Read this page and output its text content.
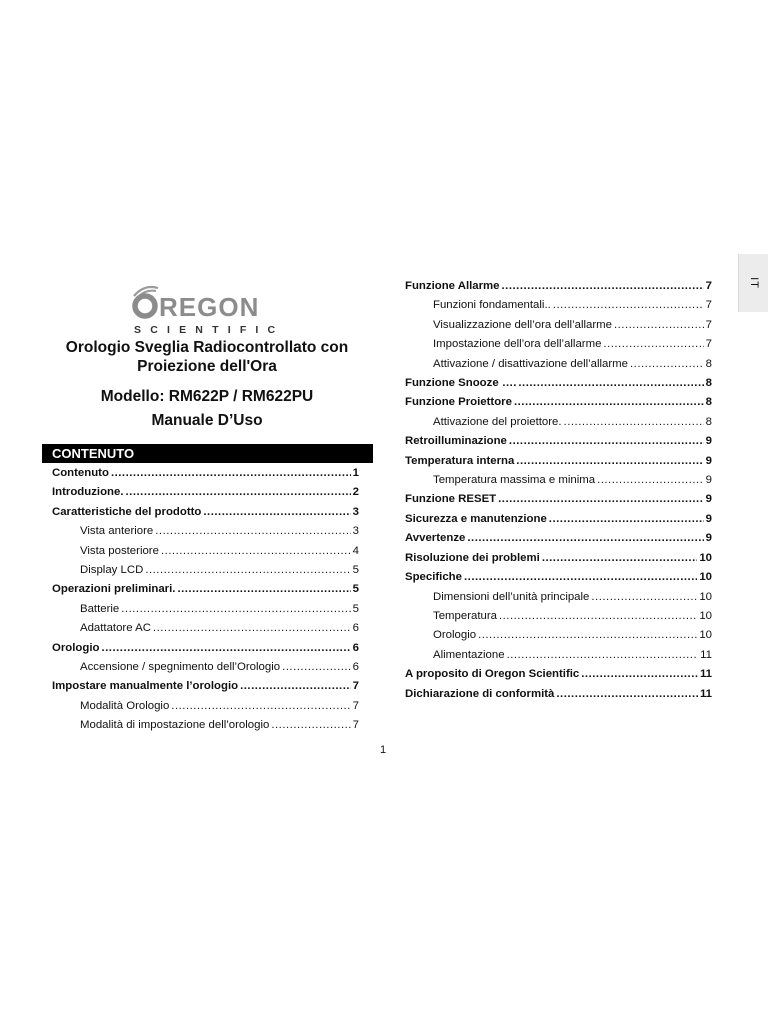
IT
REGON
SCIENTIFIC
Orologio Sveglia Radiocontrollato con
Proiezione dell'Ora
Modello: RM622P / RM622PU
Manuale D’Uso
CONTENUTO
Contenuto .....	1
Introduzione. .....	2
Caratteristiche del prodotto .....	3
Vista anteriore .....	3
Vista posteriore .....	4
Display LCD .....	5
Operazioni preliminari. .....	5
Batterie .....	5
Adattatore AC .....	6
Orologio .....	6
Accensione / spegnimento dell’Orologio .....	6
Impostare manualmente l’orologio .....	7
Modalità Orologio .....	7
Modalità di impostazione dell’orologio .....	7
Funzione Allarme .....	7
Funzioni fondamentali.. .....	7
Visualizzazione dell’ora dell’allarme .....	7
Impostazione dell’ora dell’allarme .....	7
Attivazione / disattivazione dell’allarme .....	8
Funzione Snooze …. .....	8
Funzione Proiettore .....	8
Attivazione del proiettore. .....	8
Retroilluminazione .....	9
Temperatura interna .....	9
Temperatura massima e minima .....	9
Funzione RESET .....	9
Sicurezza e manutenzione .....	9
Avvertenze .....	9
Risoluzione dei problemi .....	10
Specifiche .....	10
Dimensioni dell’unità principale .....	10
Temperatura .....	10
Orologio .....	10
Alimentazione .....	11
A proposito di Oregon Scientific .....	11
Dichiarazione di conformità .....	11
1
